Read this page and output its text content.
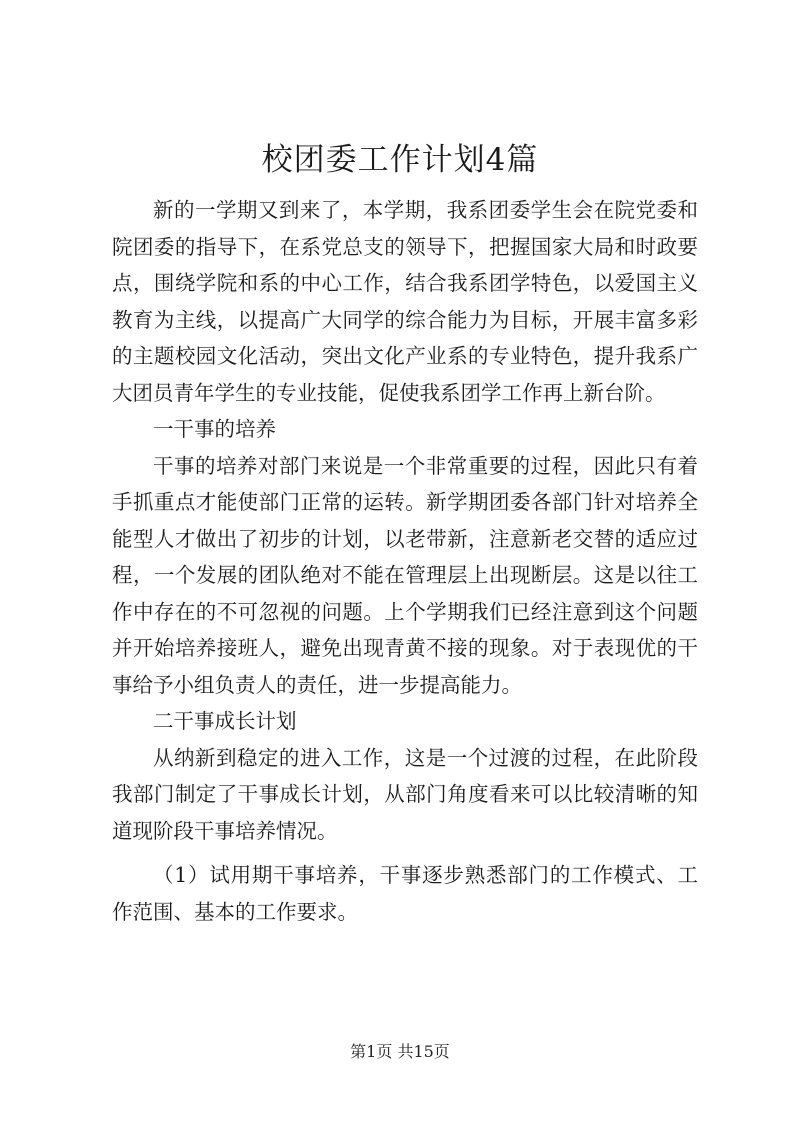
校团委工作计划4篇

新的一学期又到来了，本学期，我系团委学生会在院党委和院团委的指导下，在系党总支的领导下，把握国家大局和时政要点，围绕学院和系的中心工作，结合我系团学特色，以爱国主义教育为主线，以提高广大同学的综合能力为目标，开展丰富多彩的主题校园文化活动，突出文化产业系的专业特色，提升我系广大团员青年学生的专业技能，促使我系团学工作再上新台阶。

一干事的培养

干事的培养对部门来说是一个非常重要的过程，因此只有着手抓重点才能使部门正常的运转。新学期团委各部门针对培养全能型人才做出了初步的计划，以老带新，注意新老交替的适应过程，一个发展的团队绝对不能在管理层上出现断层。这是以往工作中存在的不可忽视的问题。上个学期我们已经注意到这个问题并开始培养接班人，避免出现青黄不接的现象。对于表现优的干事给予小组负责人的责任，进一步提高能力。

二干事成长计划

从纳新到稳定的进入工作，这是一个过渡的过程，在此阶段我部门制定了干事成长计划，从部门角度看来可以比较清晰的知道现阶段干事培养情况。

（1）试用期干事培养，干事逐步熟悉部门的工作模式、工作范围、基本的工作要求。

第1页 共15页
